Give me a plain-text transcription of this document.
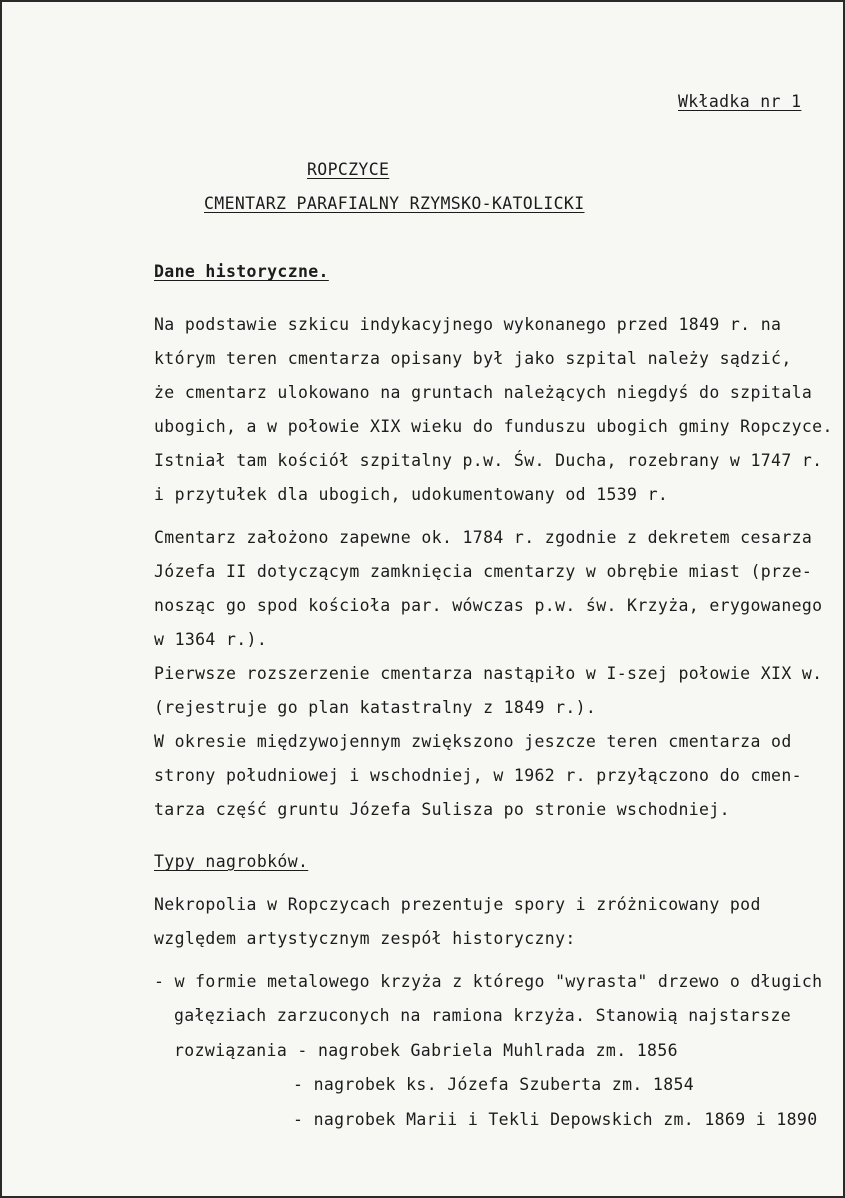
Wkładka nr 1
ROPCZYCE
CMENTARZ PARAFIALNY RZYMSKO-KATOLICKI
Dane historyczne.
Na podstawie szkicu indykacyjnego wykonanego przed 1849 r. na
którym teren cmentarza opisany był jako szpital należy sądzić,
że cmentarz ulokowano na gruntach należących niegdyś do szpitala
ubogich, a w połowie XIX wieku do funduszu ubogich gminy Ropczyce.
Istniał tam kościół szpitalny p.w. Św. Ducha, rozebrany w 1747 r.
i przytułek dla ubogich, udokumentowany od 1539 r.
Cmentarz założono zapewne ok. 1784 r. zgodnie z dekretem cesarza
Józefa II dotyczącym zamknięcia cmentarzy w obrębie miast (prze-
nosząc go spod kościoła par. wówczas p.w. św. Krzyża, erygowanego
w 1364 r.).
Pierwsze rozszerzenie cmentarza nastąpiło w I-szej połowie XIX w.
(rejestruje go plan katastralny z 1849 r.).
W okresie międzywojennym zwiększono jeszcze teren cmentarza od
strony południowej i wschodniej, w 1962 r. przyłączono do cmen-
tarza część gruntu Józefa Sulisza po stronie wschodniej.
Typy nagrobków.
Nekropolia w Ropczycach prezentuje spory i zróżnicowany pod
względem artystycznym zespół historyczny:
- w formie metalowego krzyża z którego "wyrasta" drzewo o długich
gałęziach zarzuconych na ramiona krzyża. Stanowią najstarsze
rozwiązania - nagrobek Gabriela Muhlrada zm. 1856
- nagrobek ks. Józefa Szuberta zm. 1854
- nagrobek Marii i Tekli Depowskich zm. 1869 i 1890
